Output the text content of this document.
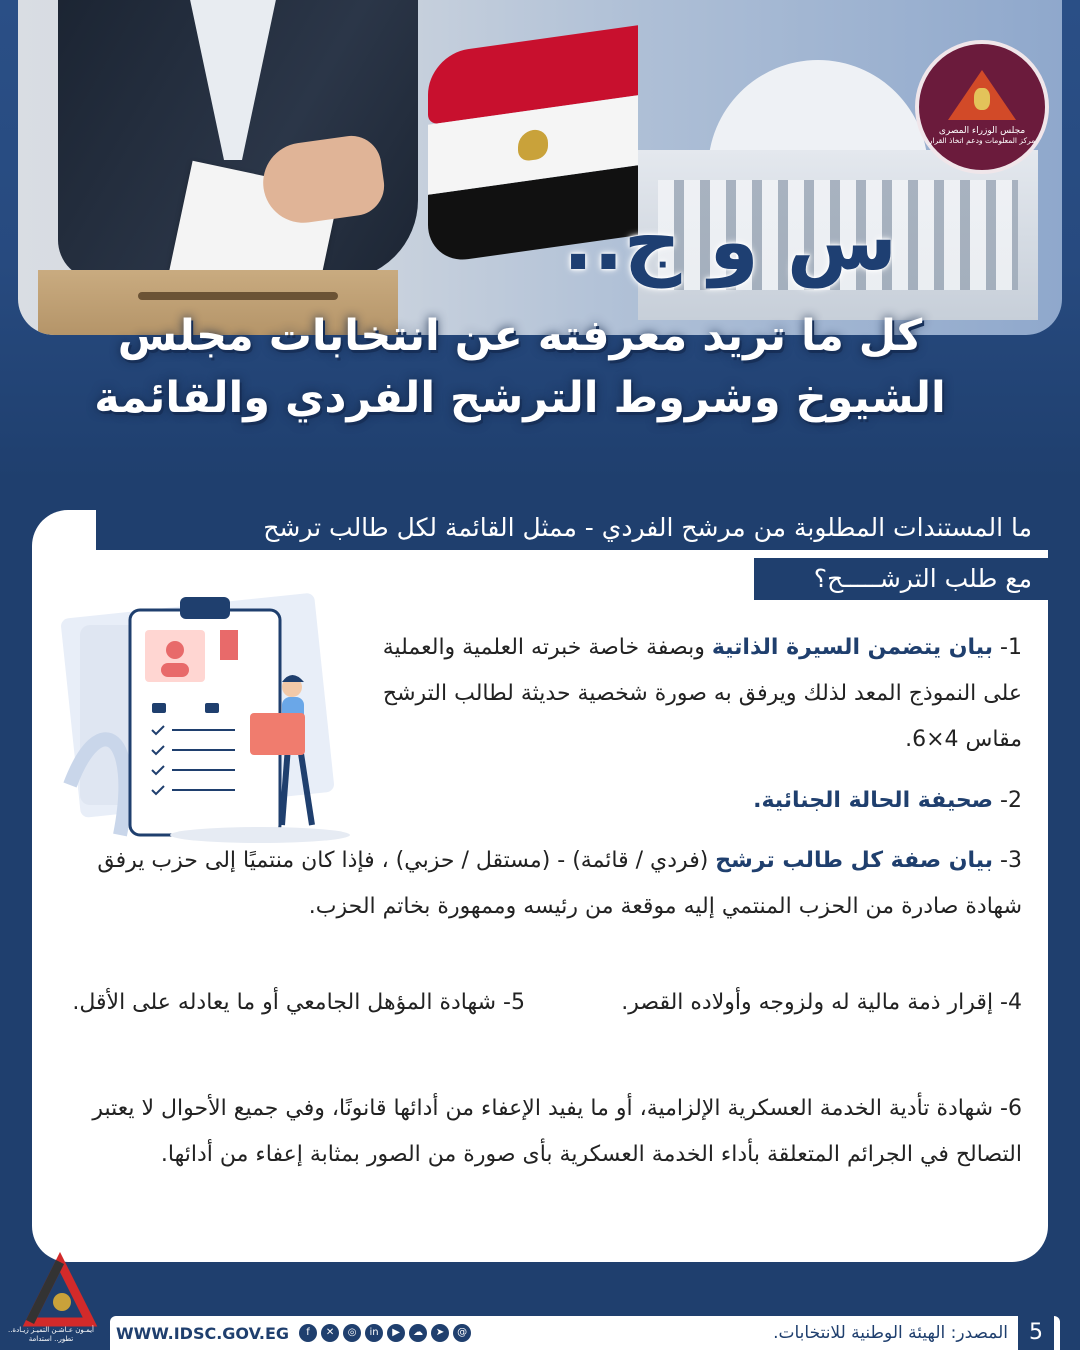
مجلس الوزراء المصرى
مركز المعلومات ودعم اتخاذ القرار
س و ج..
كل ما تريد معرفته عن انتخابات مجلس
الشيوخ وشروط الترشح الفردي والقائمة
ما المستندات المطلوبة من مرشح الفردي - ممثل القائمة لكل طالب ترشح
مع طلب الترشـــــح؟
1- بيان يتضمن السيرة الذاتية وبصفة خاصة خبرته العلمية والعملية على النموذج المعد لذلك ويرفق به صورة شخصية حديثة لطالب الترشح مقاس 4×6.
2- صحيفة الحالة الجنائية.
3- بيان صفة كل طالب ترشح (فردي / قائمة) - (مستقل / حزبي) ، فإذا كان منتميًا إلى حزب يرفق شهادة صادرة من الحزب المنتمي إليه موقعة من رئيسه وممهورة بخاتم الحزب.
4- إقرار ذمة مالية له ولزوجه وأولاده القصر.
5- شهادة المؤهل الجامعي أو ما يعادله على الأقل.
6- شهادة تأدية الخدمة العسكرية الإلزامية، أو ما يفيد الإعفاء من أدائها قانونًا، وفي جميع الأحوال لا يعتبر التصالح في الجرائم المتعلقة بأداء الخدمة العسكرية بأى صورة من الصور بمثابة إعفاء من أدائها.
أيمـون عـاشـن التميـز زيـادة.. تطور.. استدامة	5
المصدر: الهيئة الوطنية للانتخابات.
WWW.IDSC.GOV.EG	f	✕	◎	in	▶	☁	➤	@
